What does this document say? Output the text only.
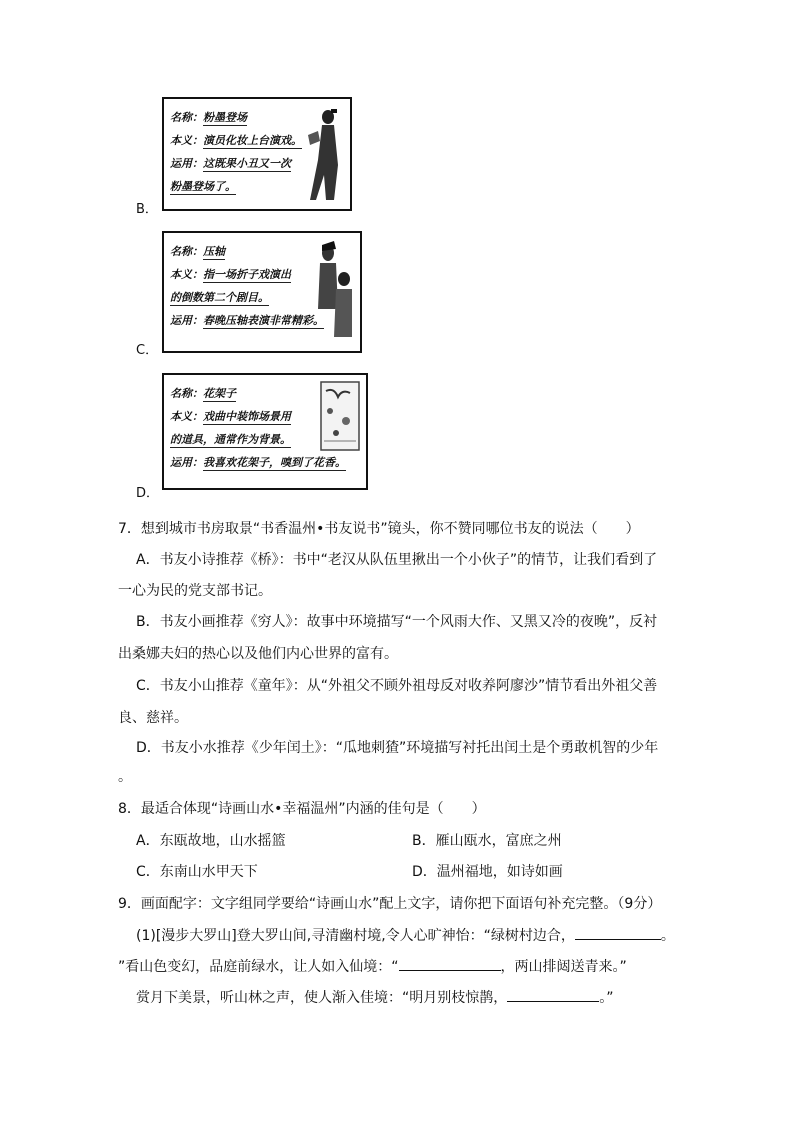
名称：粉墨登场
本义：演员化妆上台演戏。
运用：这既果小丑又一次
粉墨登场了。
B．
名称：压轴
本义：指一场折子戏演出
的倒数第二个剧目。
运用：春晚压轴表演非常精彩。
C．
名称：花架子
本义：戏曲中装饰场景用
的道具，通常作为背景。
运用：我喜欢花架子，嗅到了花香。
D．
7．想到城市书房取景“书香温州•书友说书”镜头，你不赞同哪位书友的说法（　　）
A．书友小诗推荐《桥》：书中“老汉从队伍里揪出一个小伙子”的情节，让我们看到了
一心为民的党支部书记。
B．书友小画推荐《穷人》：故事中环境描写“一个风雨大作、又黑又冷的夜晚”，反衬
出桑娜夫妇的热心以及他们内心世界的富有。
C．书友小山推荐《童年》：从“外祖父不顾外祖母反对收养阿廖沙”情节看出外祖父善
良、慈祥。
D．书友小水推荐《少年闰土》：“瓜地刺猹”环境描写衬托出闰土是个勇敢机智的少年
。
8．最适合体现“诗画山水•幸福温州”内涵的佳句是（　　）
A．东瓯故地，山水摇篮	B．雁山瓯水，富庶之州
C．东南山水甲天下	D．温州福地，如诗如画
9．画面配字：文字组同学要给“诗画山水”配上文字，请你把下面语句补充完整。（9分）
(1)[漫步大罗山]登大罗山间,寻清幽村境,令人心旷神怡：“绿树村边合，	。
”看山色变幻，品庭前绿水，让人如入仙境：“	，两山排闼送青来。”
赏月下美景，听山林之声，使人渐入佳境：“明月别枝惊鹊，	。”
